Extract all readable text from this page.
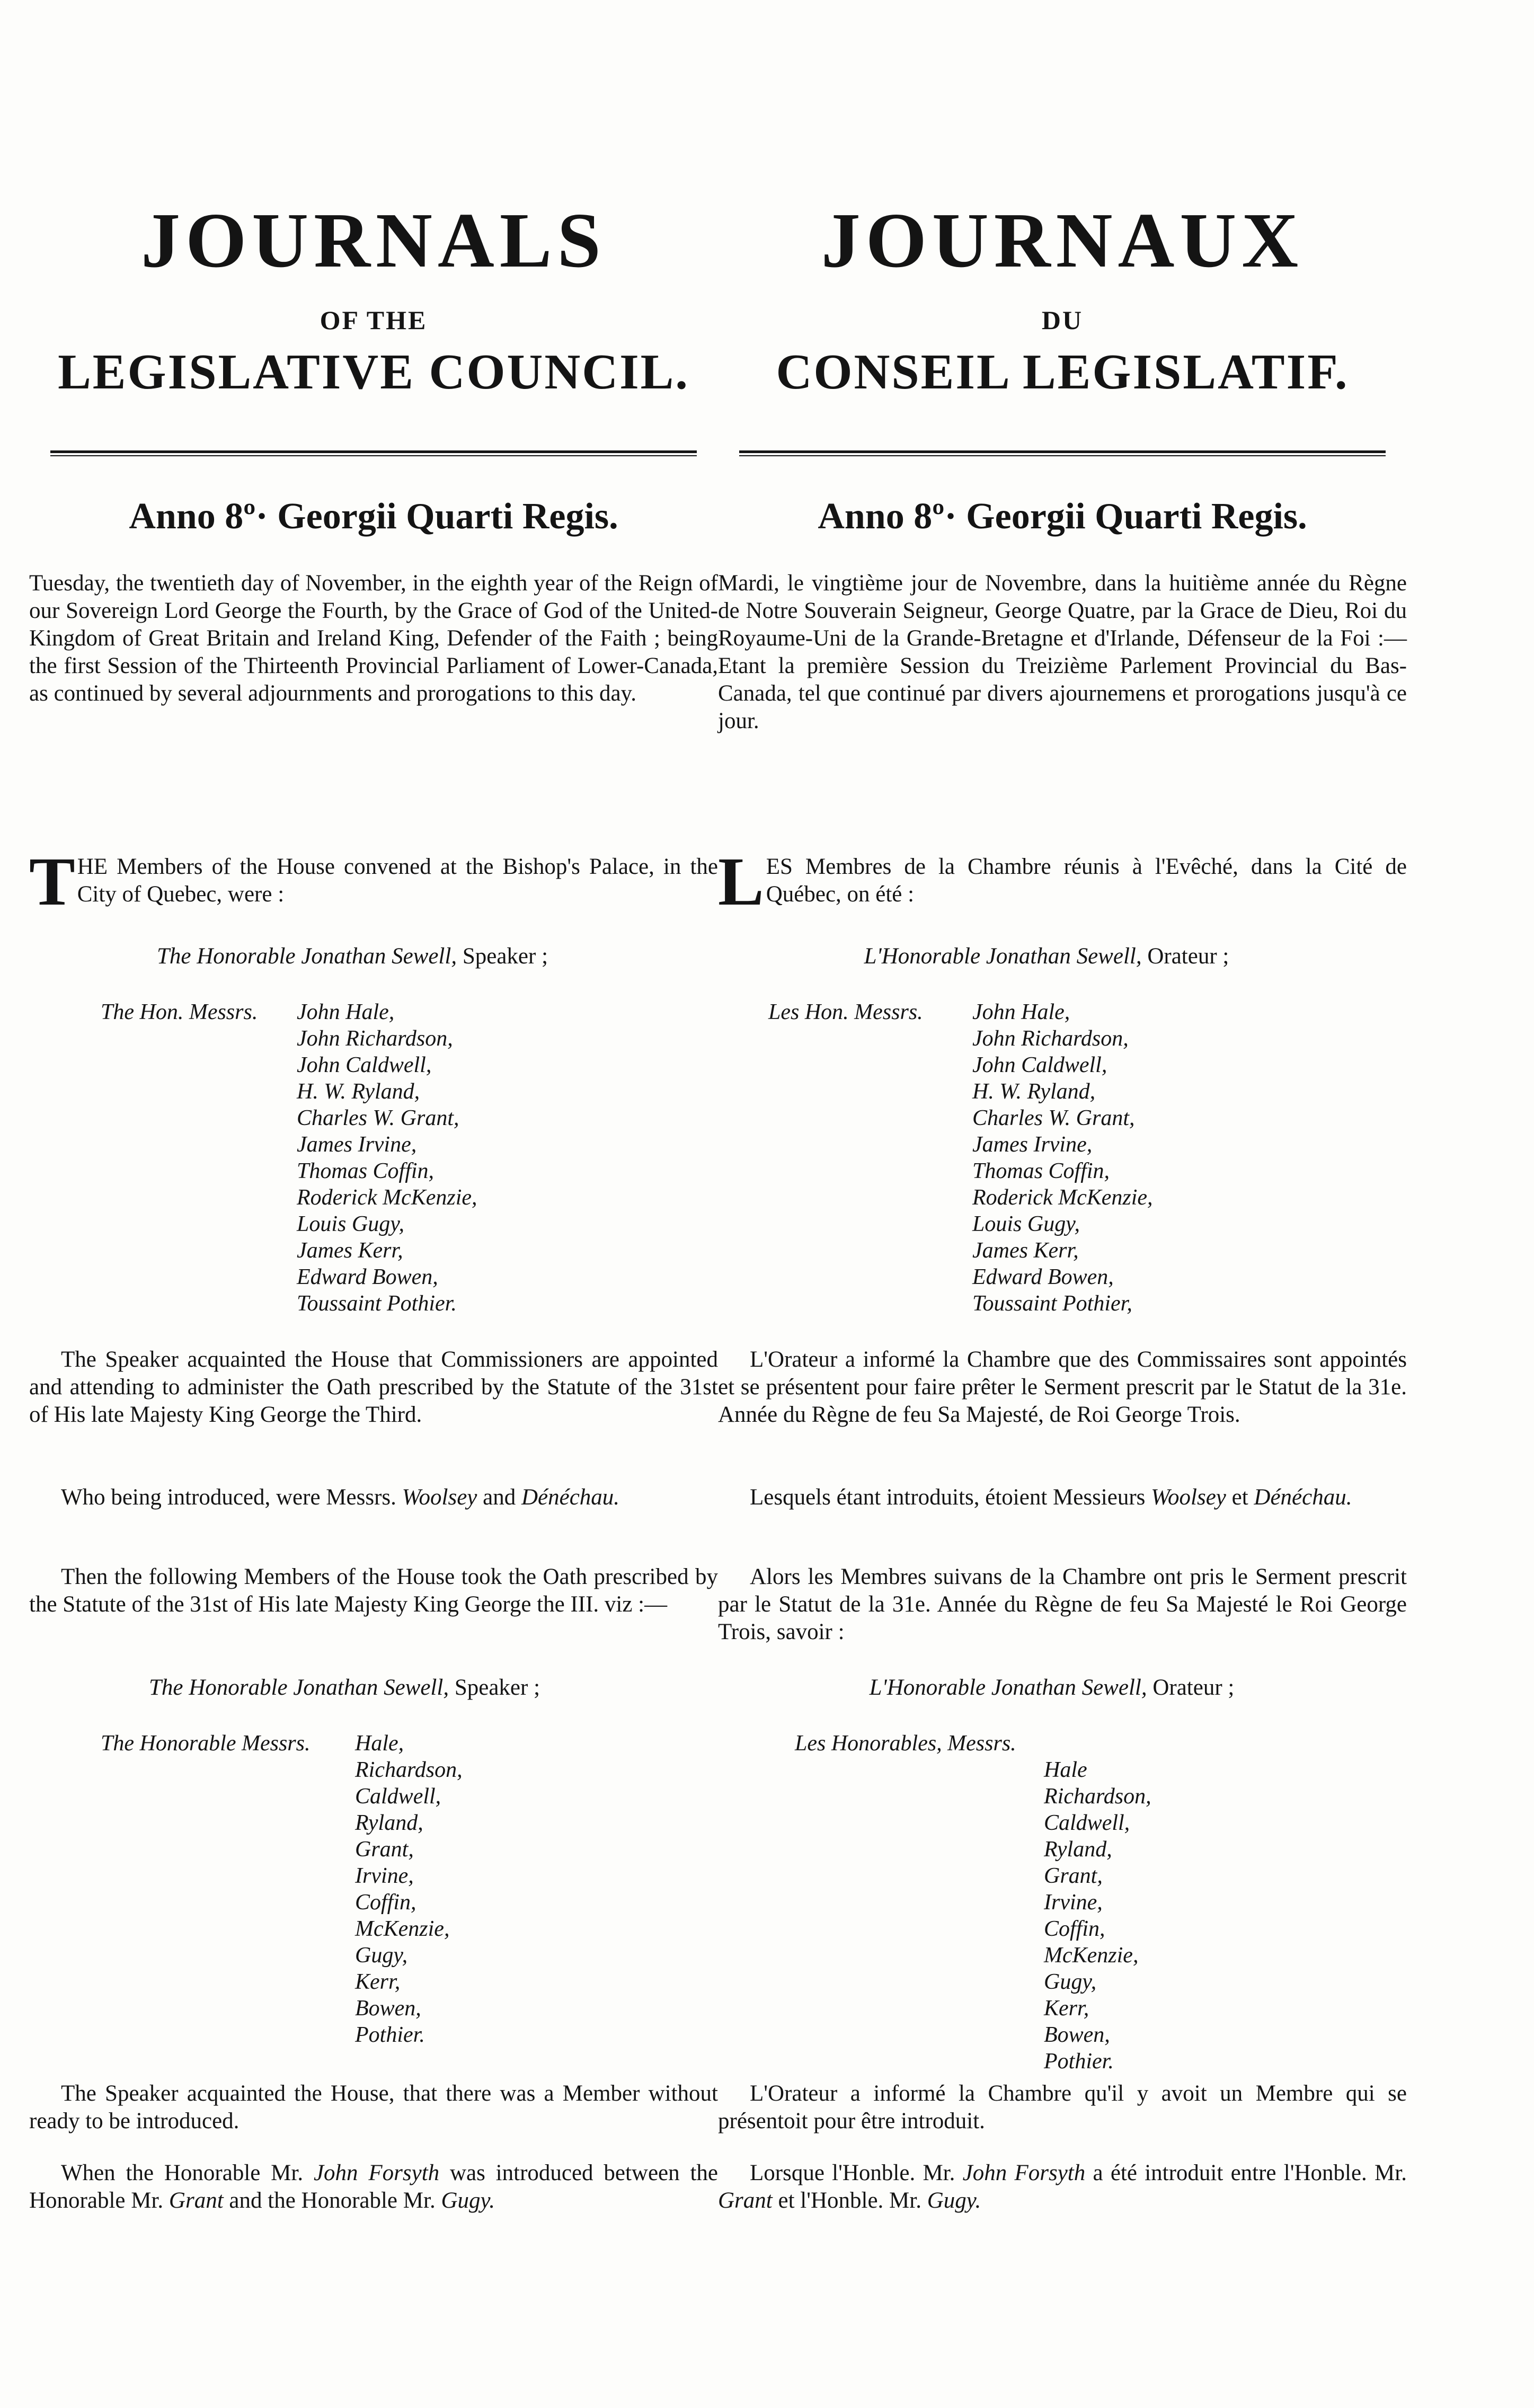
JOURNALS
OF THE
LEGISLATIVE COUNCIL.
Anno 8º· Georgii Quarti Regis.
Tuesday, the twentieth day of November, in the eighth year of the Reign of our Sovereign Lord George the Fourth, by the Grace of God of the United-Kingdom of Great Britain and Ireland King, Defender of the Faith ; being the first Session of the Thirteenth Provincial Parliament of Lower-Canada, as continued by several adjournments and prorogations to this day.
THE Members of the House convened at the Bishop's Palace, in the City of Quebec, were :
The Honorable Jonathan Sewell, Speaker ;
The Hon. Messrs. John Hale,
John Richardson,
John Caldwell,
H. W. Ryland,
Charles W. Grant,
James Irvine,
Thomas Coffin,
Roderick McKenzie,
Louis Gugy,
James Kerr,
Edward Bowen,
Toussaint Pothier.
The Speaker acquainted the House that Commissioners are appointed and attending to administer the Oath prescribed by the Statute of the 31st of His late Majesty King George the Third.
Who being introduced, were Messrs. Woolsey and Dénéchau.
Then the following Members of the House took the Oath prescribed by the Statute of the 31st of His late Majesty King George the III. viz :—
The Honorable Jonathan Sewell, Speaker ;
The Honorable Messrs. Hale,
Richardson,
Caldwell,
Ryland,
Grant,
Irvine,
Coffin,
McKenzie,
Gugy,
Kerr,
Bowen,
Pothier.
The Speaker acquainted the House, that there was a Member without ready to be introduced.
When the Honorable Mr. John Forsyth was introduced between the Honorable Mr. Grant and the Honorable Mr. Gugy.
JOURNAUX
DU
CONSEIL LEGISLATIF.
Anno 8º· Georgii Quarti Regis.
Mardi, le vingtième jour de Novembre, dans la huitième année du Règne de Notre Souverain Seigneur, George Quatre, par la Grace de Dieu, Roi du Royaume-Uni de la Grande-Bretagne et d'Irlande, Défenseur de la Foi :—Etant la première Session du Treizième Parlement Provincial du Bas-Canada, tel que continué par divers ajournemens et prorogations jusqu'à ce jour.
LES Membres de la Chambre réunis à l'Evêché, dans la Cité de Québec, on été :
L'Honorable Jonathan Sewell, Orateur ;
Les Hon. Messrs. John Hale,
John Richardson,
John Caldwell,
H. W. Ryland,
Charles W. Grant,
James Irvine,
Thomas Coffin,
Roderick McKenzie,
Louis Gugy,
James Kerr,
Edward Bowen,
Toussaint Pothier,
L'Orateur a informé la Chambre que des Commissaires sont appointés et se présentent pour faire prêter le Serment prescrit par le Statut de la 31e. Année du Règne de feu Sa Majesté, de Roi George Trois.
Lesquels étant introduits, étoient Messieurs Woolsey et Dénéchau.
Alors les Membres suivans de la Chambre ont pris le Serment prescrit par le Statut de la 31e. Année du Règne de feu Sa Majesté le Roi George Trois, savoir :
L'Honorable Jonathan Sewell, Orateur ;
Les Honorables, Messrs.
Hale
Richardson,
Caldwell,
Ryland,
Grant,
Irvine,
Coffin,
McKenzie,
Gugy,
Kerr,
Bowen,
Pothier.
L'Orateur a informé la Chambre qu'il y avoit un Membre qui se présentoit pour être introduit.
Lorsque l'Honble. Mr. John Forsyth a été introduit entre l'Honble. Mr. Grant et l'Honble. Mr. Gugy.
